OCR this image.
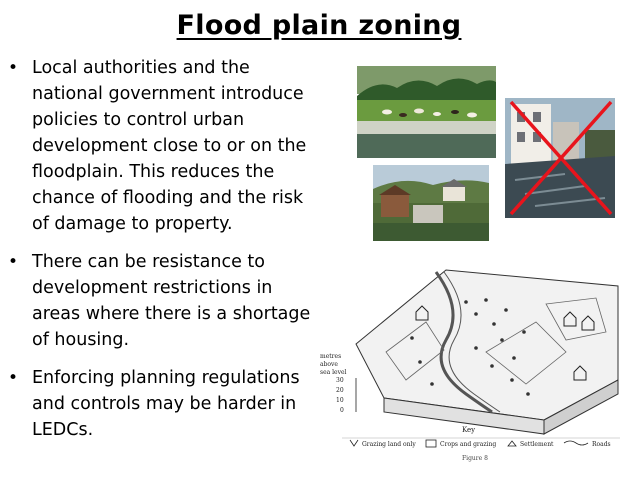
Flood plain zoning
• Local authorities and the national government introduce policies to control urban development close to or on the floodplain. This reduces the chance of flooding and the risk of damage to property.
• There can be resistance to development restrictions in areas where there is a shortage of housing.
• Enforcing planning regulations and controls may be harder in LEDCs.
metres
above
sea level
30
20
10
0
Key
Grazing land only	Crops and grazing	Settlement	Roads
Figure 8
